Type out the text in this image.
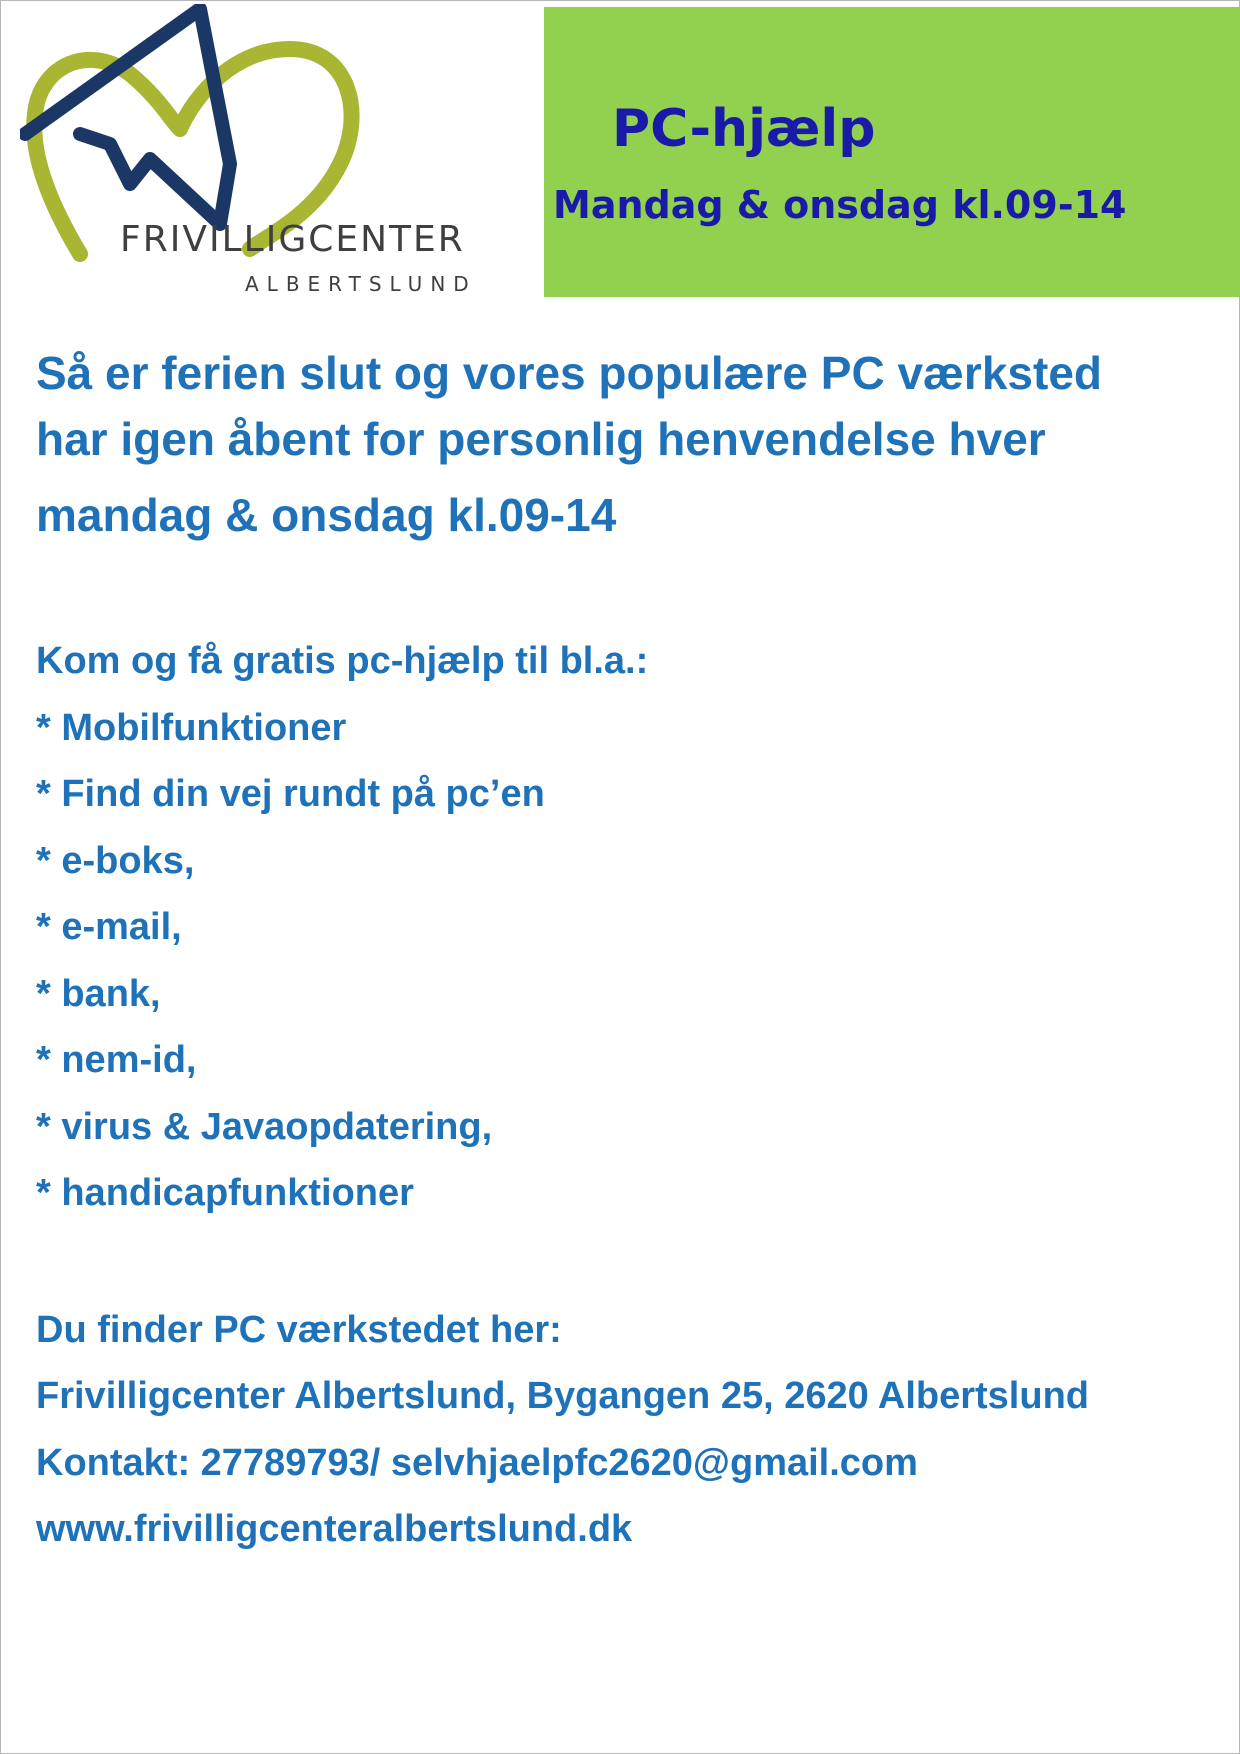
FRIVILLIGCENTER
ALBERTSLUND
PC-hjælp
Mandag & onsdag kl.09-14
Så er ferien slut og vores populære PC værksted
har igen åbent for personlig henvendelse hver
mandag & onsdag kl.09-14
Kom og få gratis pc-hjælp til bl.a.:
* Mobilfunktioner
* Find din vej rundt på pc’en
* e-boks,
* e-mail,
* bank,
* nem-id,
* virus & Javaopdatering,
* handicapfunktioner
Du finder PC værkstedet her:
Frivilligcenter Albertslund, Bygangen 25, 2620 Albertslund
Kontakt: 27789793/ selvhjaelpfc2620@gmail.com
www.frivilligcenteralbertslund.dk
